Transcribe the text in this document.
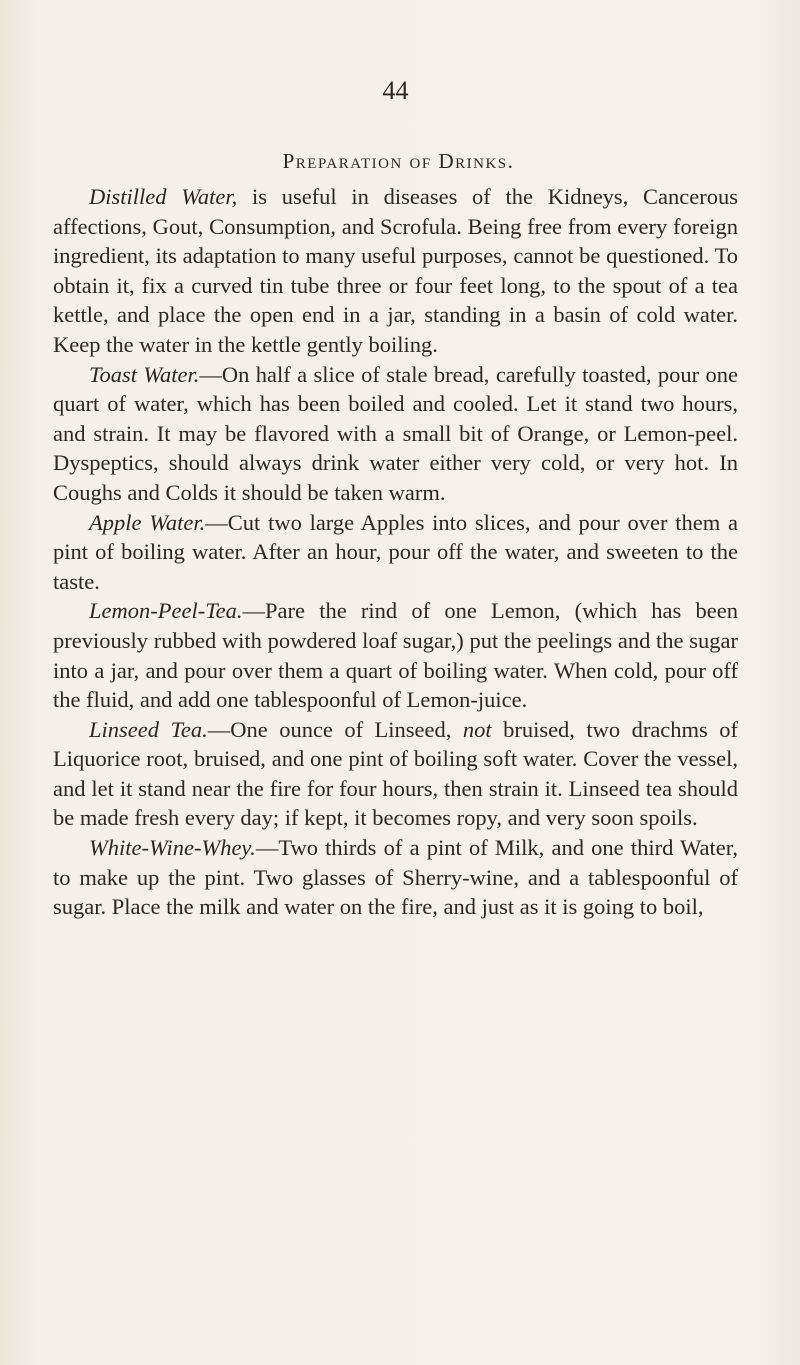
44
Preparation of Drinks.

Distilled Water, is useful in diseases of the Kidneys, Cancerous affections, Gout, Consumption, and Scrofula. Being free from every foreign ingredient, its adaptation to many useful purposes, cannot be questioned. To obtain it, fix a curved tin tube three or four feet long, to the spout of a tea kettle, and place the open end in a jar, standing in a basin of cold water. Keep the water in the kettle gently boiling.

Toast Water.—On half a slice of stale bread, carefully toasted, pour one quart of water, which has been boiled and cooled. Let it stand two hours, and strain. It may be flavored with a small bit of Orange, or Lemon-peel. Dyspeptics, should always drink water either very cold, or very hot. In Coughs and Colds it should be taken warm.

Apple Water.—Cut two large Apples into slices, and pour over them a pint of boiling water. After an hour, pour off the water, and sweeten to the taste.

Lemon-Peel-Tea.—Pare the rind of one Lemon, (which has been previously rubbed with powdered loaf sugar,) put the peelings and the sugar into a jar, and pour over them a quart of boiling water. When cold, pour off the fluid, and add one tablespoonful of Lemon-juice.

Linseed Tea.—One ounce of Linseed, not bruised, two drachms of Liquorice root, bruised, and one pint of boiling soft water. Cover the vessel, and let it stand near the fire for four hours, then strain it. Linseed tea should be made fresh every day; if kept, it becomes ropy, and very soon spoils.

White-Wine-Whey.—Two thirds of a pint of Milk, and one third Water, to make up the pint. Two glasses of Sherry-wine, and a tablespoonful of sugar. Place the milk and water on the fire, and just as it is going to boil,
